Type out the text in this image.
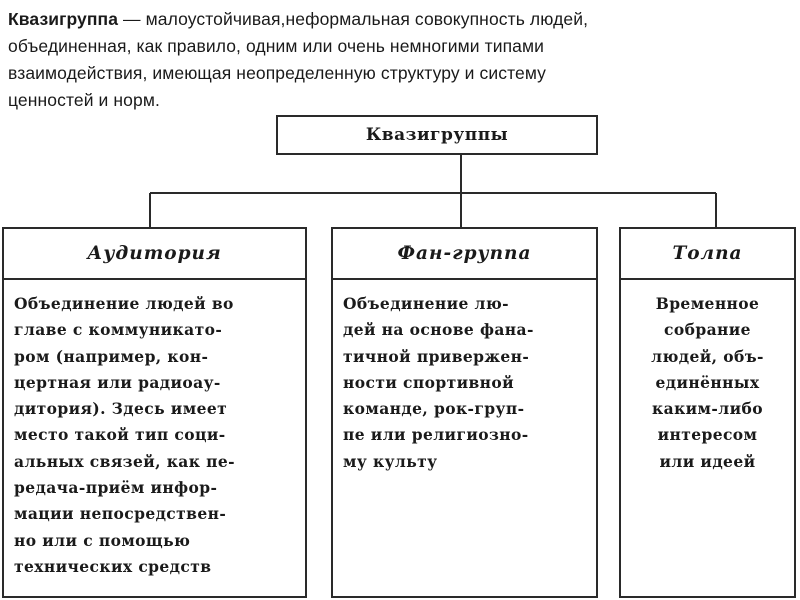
Квазигруппа — малоустойчивая,неформальная совокупность людей,
объединенная, как правило, одним или очень немногими типами
взаимодействия, имеющая неопределенную структуру и систему
ценностей и норм.
Квазигруппы
Аудитория
Объединение людей во
главе с коммуникато-
ром (например, кон-
цертная или радиоау-
дитория). Здесь имеет
место такой тип соци-
альных связей, как пе-
редача-приём инфор-
мации непосредствен-
но или с помощью
технических средств
Фан-группа
Объединение лю-
дей на основе фана-
тичной привержен-
ности спортивной
команде, рок-груп-
пе или религиозно-
му культу
Толпа
Временное
собрание
людей, объ-
единённых
каким-либо
интересом
или идеей
